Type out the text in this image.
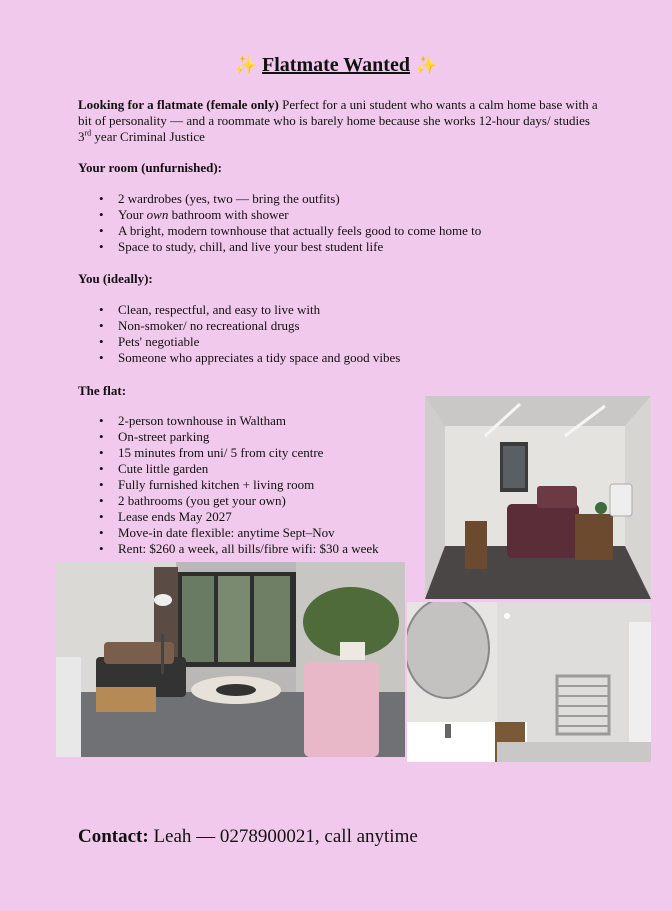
✨ Flatmate Wanted ✨
Looking for a flatmate (female only) Perfect for a uni student who wants a calm home base with a bit of personality — and a roommate who is barely home because she works 12-hour days/ studies 3rd year Criminal Justice
Your room (unfurnished):
• 2 wardrobes (yes, two — bring the outfits)
• Your own bathroom with shower
• A bright, modern townhouse that actually feels good to come home to
• Space to study, chill, and live your best student life
You (ideally):
• Clean, respectful, and easy to live with
• Non-smoker/ no recreational drugs
• Pets' negotiable
• Someone who appreciates a tidy space and good vibes
The flat:
• 2-person townhouse in Waltham
• On-street parking
• 15 minutes from uni/ 5 from city centre
• Cute little garden
• Fully furnished kitchen + living room
• 2 bathrooms (you get your own)
• Lease ends May 2027
• Move-in date flexible: anytime Sept–Nov
• Rent: $260 a week, all bills/fibre wifi: $30 a week
Contact: Leah — 0278900021, call anytime
